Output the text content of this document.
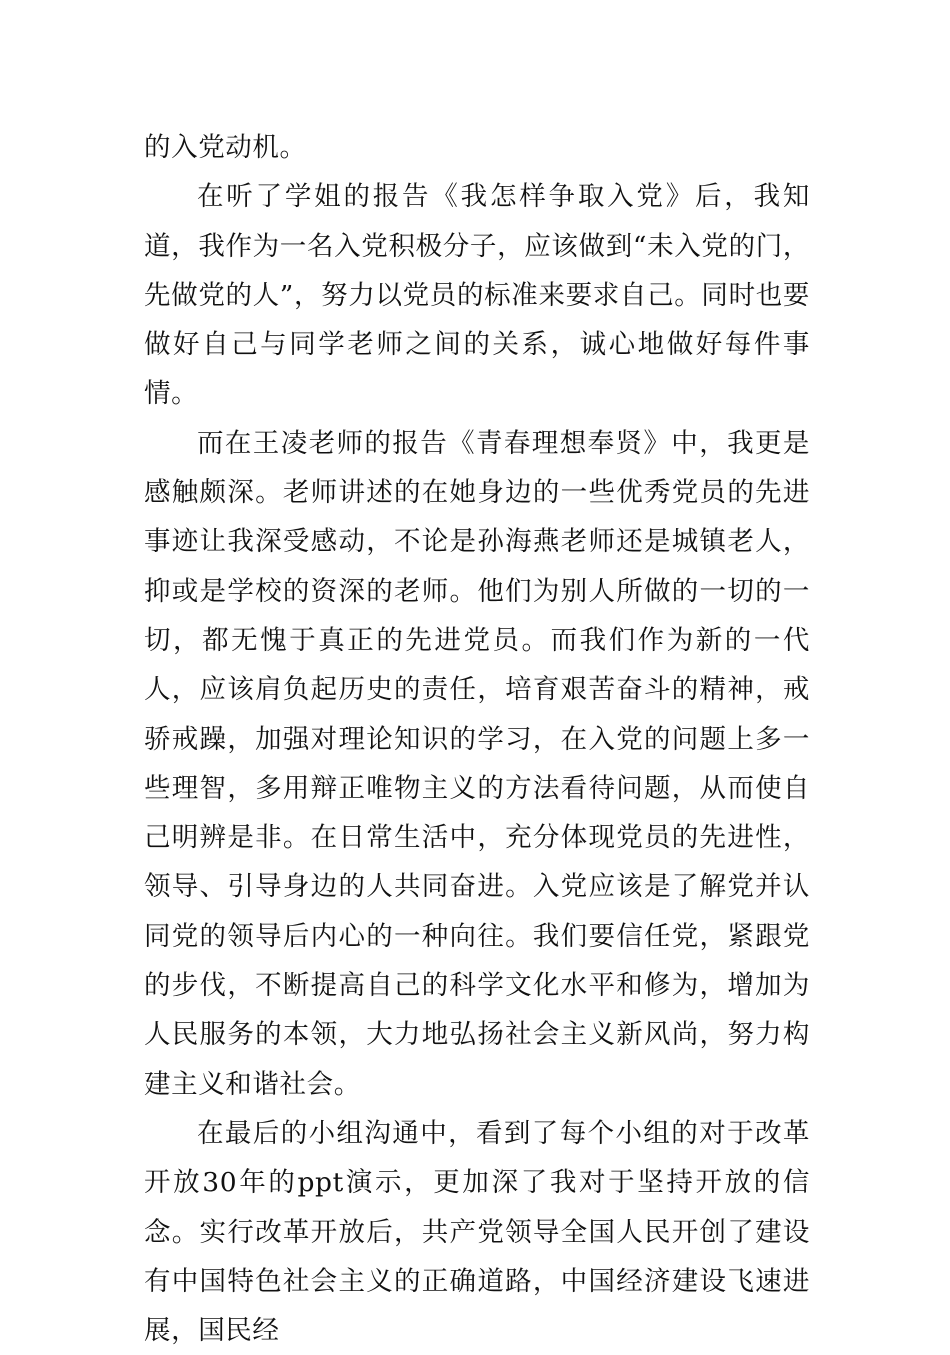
的入党动机。

在听了学姐的报告《我怎样争取入党》后，我知道，我作为一名入党积极分子，应该做到“未入党的门，先做党的人”，努力以党员的标准来要求自己。同时也要做好自己与同学老师之间的关系，诚心地做好每件事情。

而在王凌老师的报告《青春理想奉贤》中，我更是感触颇深。老师讲述的在她身边的一些优秀党员的先进事迹让我深受感动，不论是孙海燕老师还是城镇老人，抑或是学校的资深的老师。他们为别人所做的一切的一切，都无愧于真正的先进党员。而我们作为新的一代人，应该肩负起历史的责任，培育艰苦奋斗的精神，戒骄戒躁，加强对理论知识的学习，在入党的问题上多一些理智，多用辩正唯物主义的方法看待问题，从而使自己明辨是非。在日常生活中，充分体现党员的先进性，领导、引导身边的人共同奋进。入党应该是了解党并认同党的领导后内心的一种向往。我们要信任党，紧跟党的步伐，不断提高自己的科学文化水平和修为，增加为人民服务的本领，大力地弘扬社会主义新风尚，努力构建主义和谐社会。

在最后的小组沟通中，看到了每个小组的对于改革开放30年的ppt演示，更加深了我对于坚持开放的信念。实行改革开放后，共产党领导全国人民开创了建设有中国特色社会主义的正确道路，中国经济建设飞速进展，国民经
